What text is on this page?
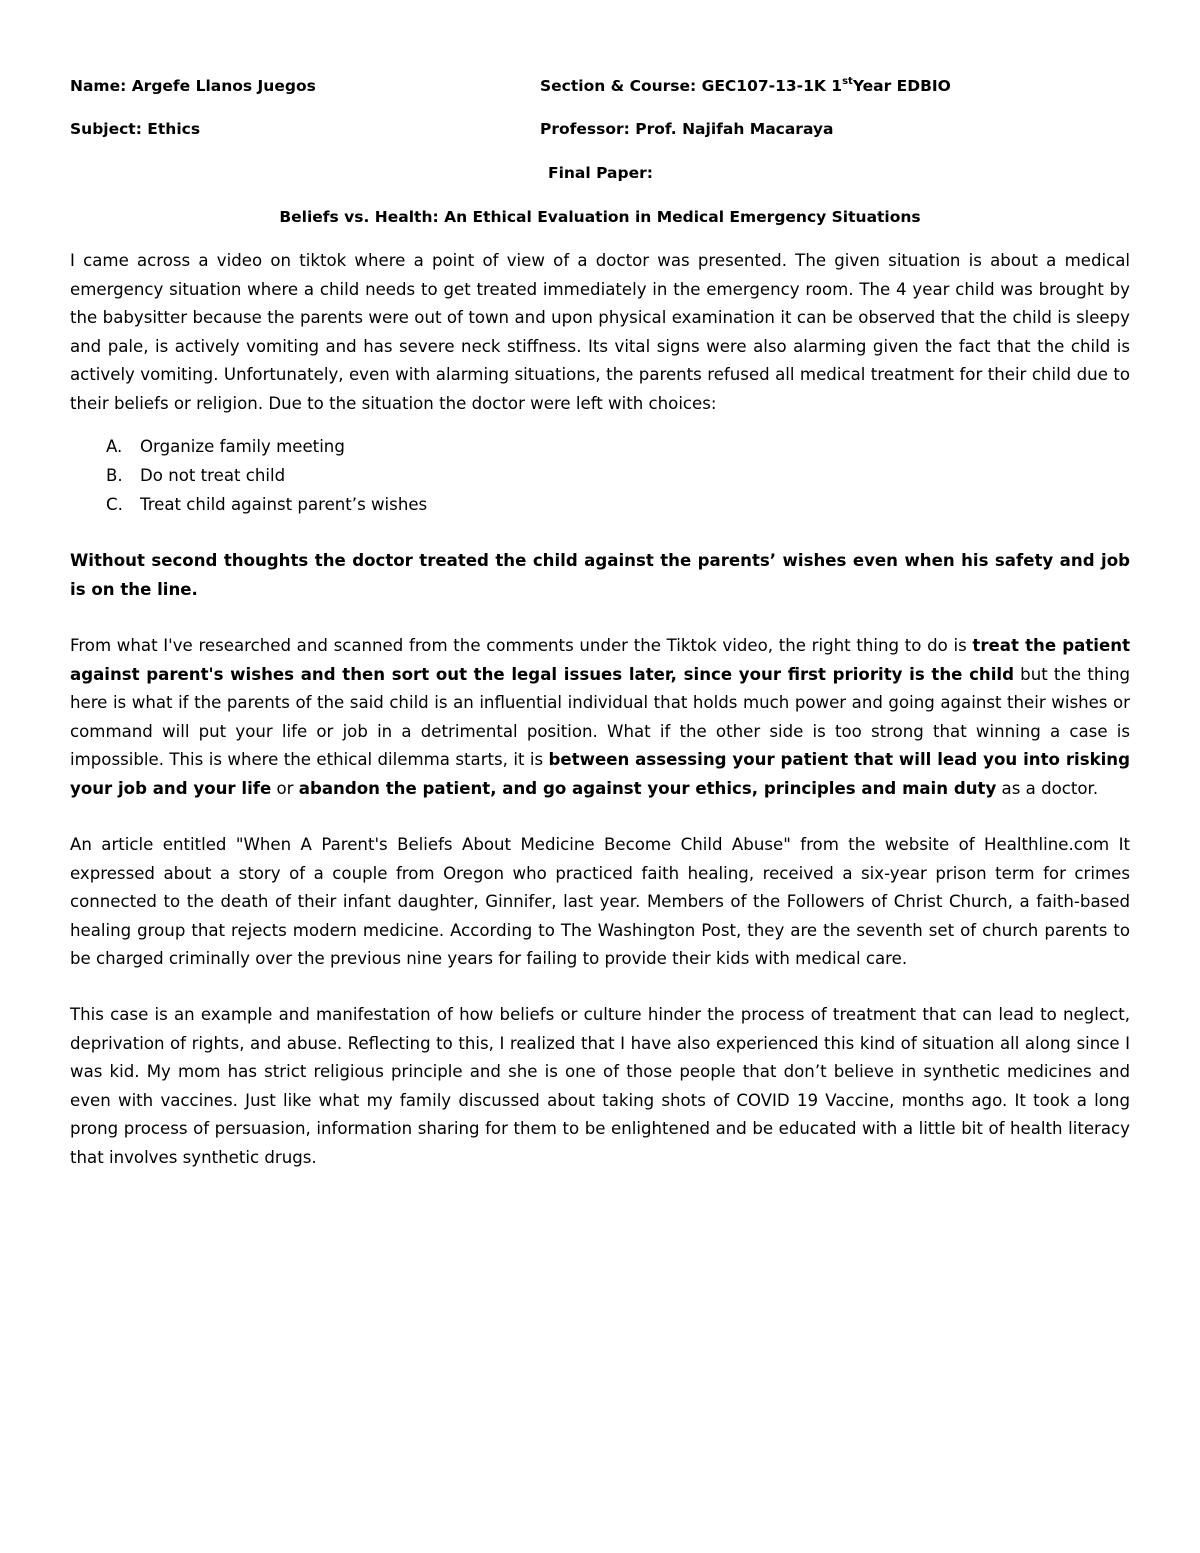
Name: Argefe Llanos Juegos	Section & Course: GEC107-13-1K 1stYear EDBIO
Subject: Ethics	Professor: Prof. Najifah Macaraya
Final Paper:
Beliefs vs. Health: An Ethical Evaluation in Medical Emergency Situations

I came across a video on tiktok where a point of view of a doctor was presented. The given situation is about a medical emergency situation where a child needs to get treated immediately in the emergency room. The 4 year child was brought by the babysitter because the parents were out of town and upon physical examination it can be observed that the child is sleepy and pale, is actively vomiting and has severe neck stiffness. Its vital signs were also alarming given the fact that the child is actively vomiting. Unfortunately, even with alarming situations, the parents refused all medical treatment for their child due to their beliefs or religion. Due to the situation the doctor were left with choices:

A. Organize family meeting
B. Do not treat child
C. Treat child against parent’s wishes

Without second thoughts the doctor treated the child against the parents’ wishes even when his safety and job is on the line.

From what I've researched and scanned from the comments under the Tiktok video, the right thing to do is treat the patient against parent's wishes and then sort out the legal issues later, since your first priority is the child but the thing here is what if the parents of the said child is an influential individual that holds much power and going against their wishes or command will put your life or job in a detrimental position. What if the other side is too strong that winning a case is impossible. This is where the ethical dilemma starts, it is between assessing your patient that will lead you into risking your job and your life or abandon the patient, and go against your ethics, principles and main duty as a doctor.

An article entitled "When A Parent's Beliefs About Medicine Become Child Abuse" from the website of Healthline.com It expressed about a story of a couple from Oregon who practiced faith healing, received a six-year prison term for crimes connected to the death of their infant daughter, Ginnifer, last year. Members of the Followers of Christ Church, a faith-based healing group that rejects modern medicine. According to The Washington Post, they are the seventh set of church parents to be charged criminally over the previous nine years for failing to provide their kids with medical care.

This case is an example and manifestation of how beliefs or culture hinder the process of treatment that can lead to neglect, deprivation of rights, and abuse. Reflecting to this, I realized that I have also experienced this kind of situation all along since I was kid. My mom has strict religious principle and she is one of those people that don’t believe in synthetic medicines and even with vaccines. Just like what my family discussed about taking shots of COVID 19 Vaccine, months ago. It took a long prong process of persuasion, information sharing for them to be enlightened and be educated with a little bit of health literacy that involves synthetic drugs.
